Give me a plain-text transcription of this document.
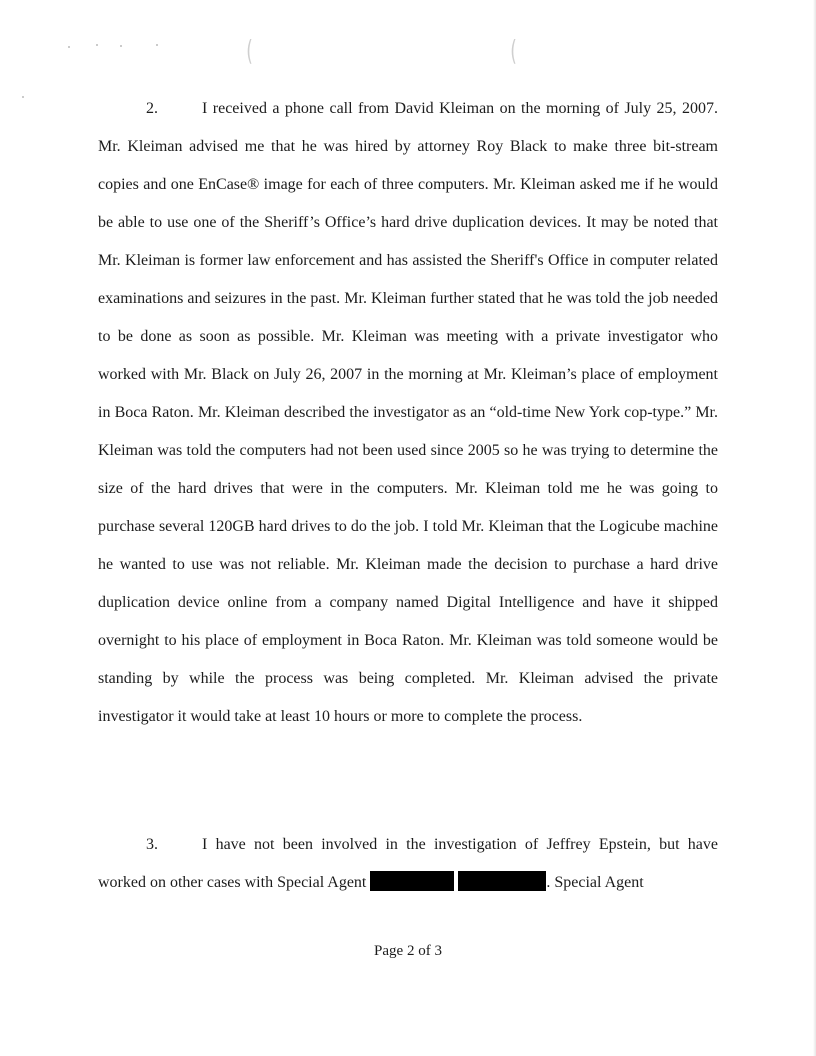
(	(

2.	I received a phone call from David Kleiman on the morning of July 25, 2007. Mr. Kleiman advised me that he was hired by attorney Roy Black to make three bit-stream copies and one EnCase® image for each of three computers. Mr. Kleiman asked me if he would be able to use one of the Sheriff’s Office’s hard drive duplication devices. It may be noted that Mr. Kleiman is former law enforcement and has assisted the Sheriff's Office in computer related examinations and seizures in the past. Mr. Kleiman further stated that he was told the job needed to be done as soon as possible. Mr. Kleiman was meeting with a private investigator who worked with Mr. Black on July 26, 2007 in the morning at Mr. Kleiman’s place of employment in Boca Raton. Mr. Kleiman described the investigator as an “old-time New York cop-type.” Mr. Kleiman was told the computers had not been used since 2005 so he was trying to determine the size of the hard drives that were in the computers. Mr. Kleiman told me he was going to purchase several 120GB hard drives to do the job. I told Mr. Kleiman that the Logicube machine he wanted to use was not reliable. Mr. Kleiman made the decision to purchase a hard drive duplication device online from a company named Digital Intelligence and have it shipped overnight to his place of employment in Boca Raton. Mr. Kleiman was told someone would be standing by while the process was being completed. Mr. Kleiman advised the private investigator it would take at least 10 hours or more to complete the process.

3.	I have not been involved in the investigation of Jeffrey Epstein, but have worked on other cases with Special Agent	. Special Agent

Page 2 of 3
